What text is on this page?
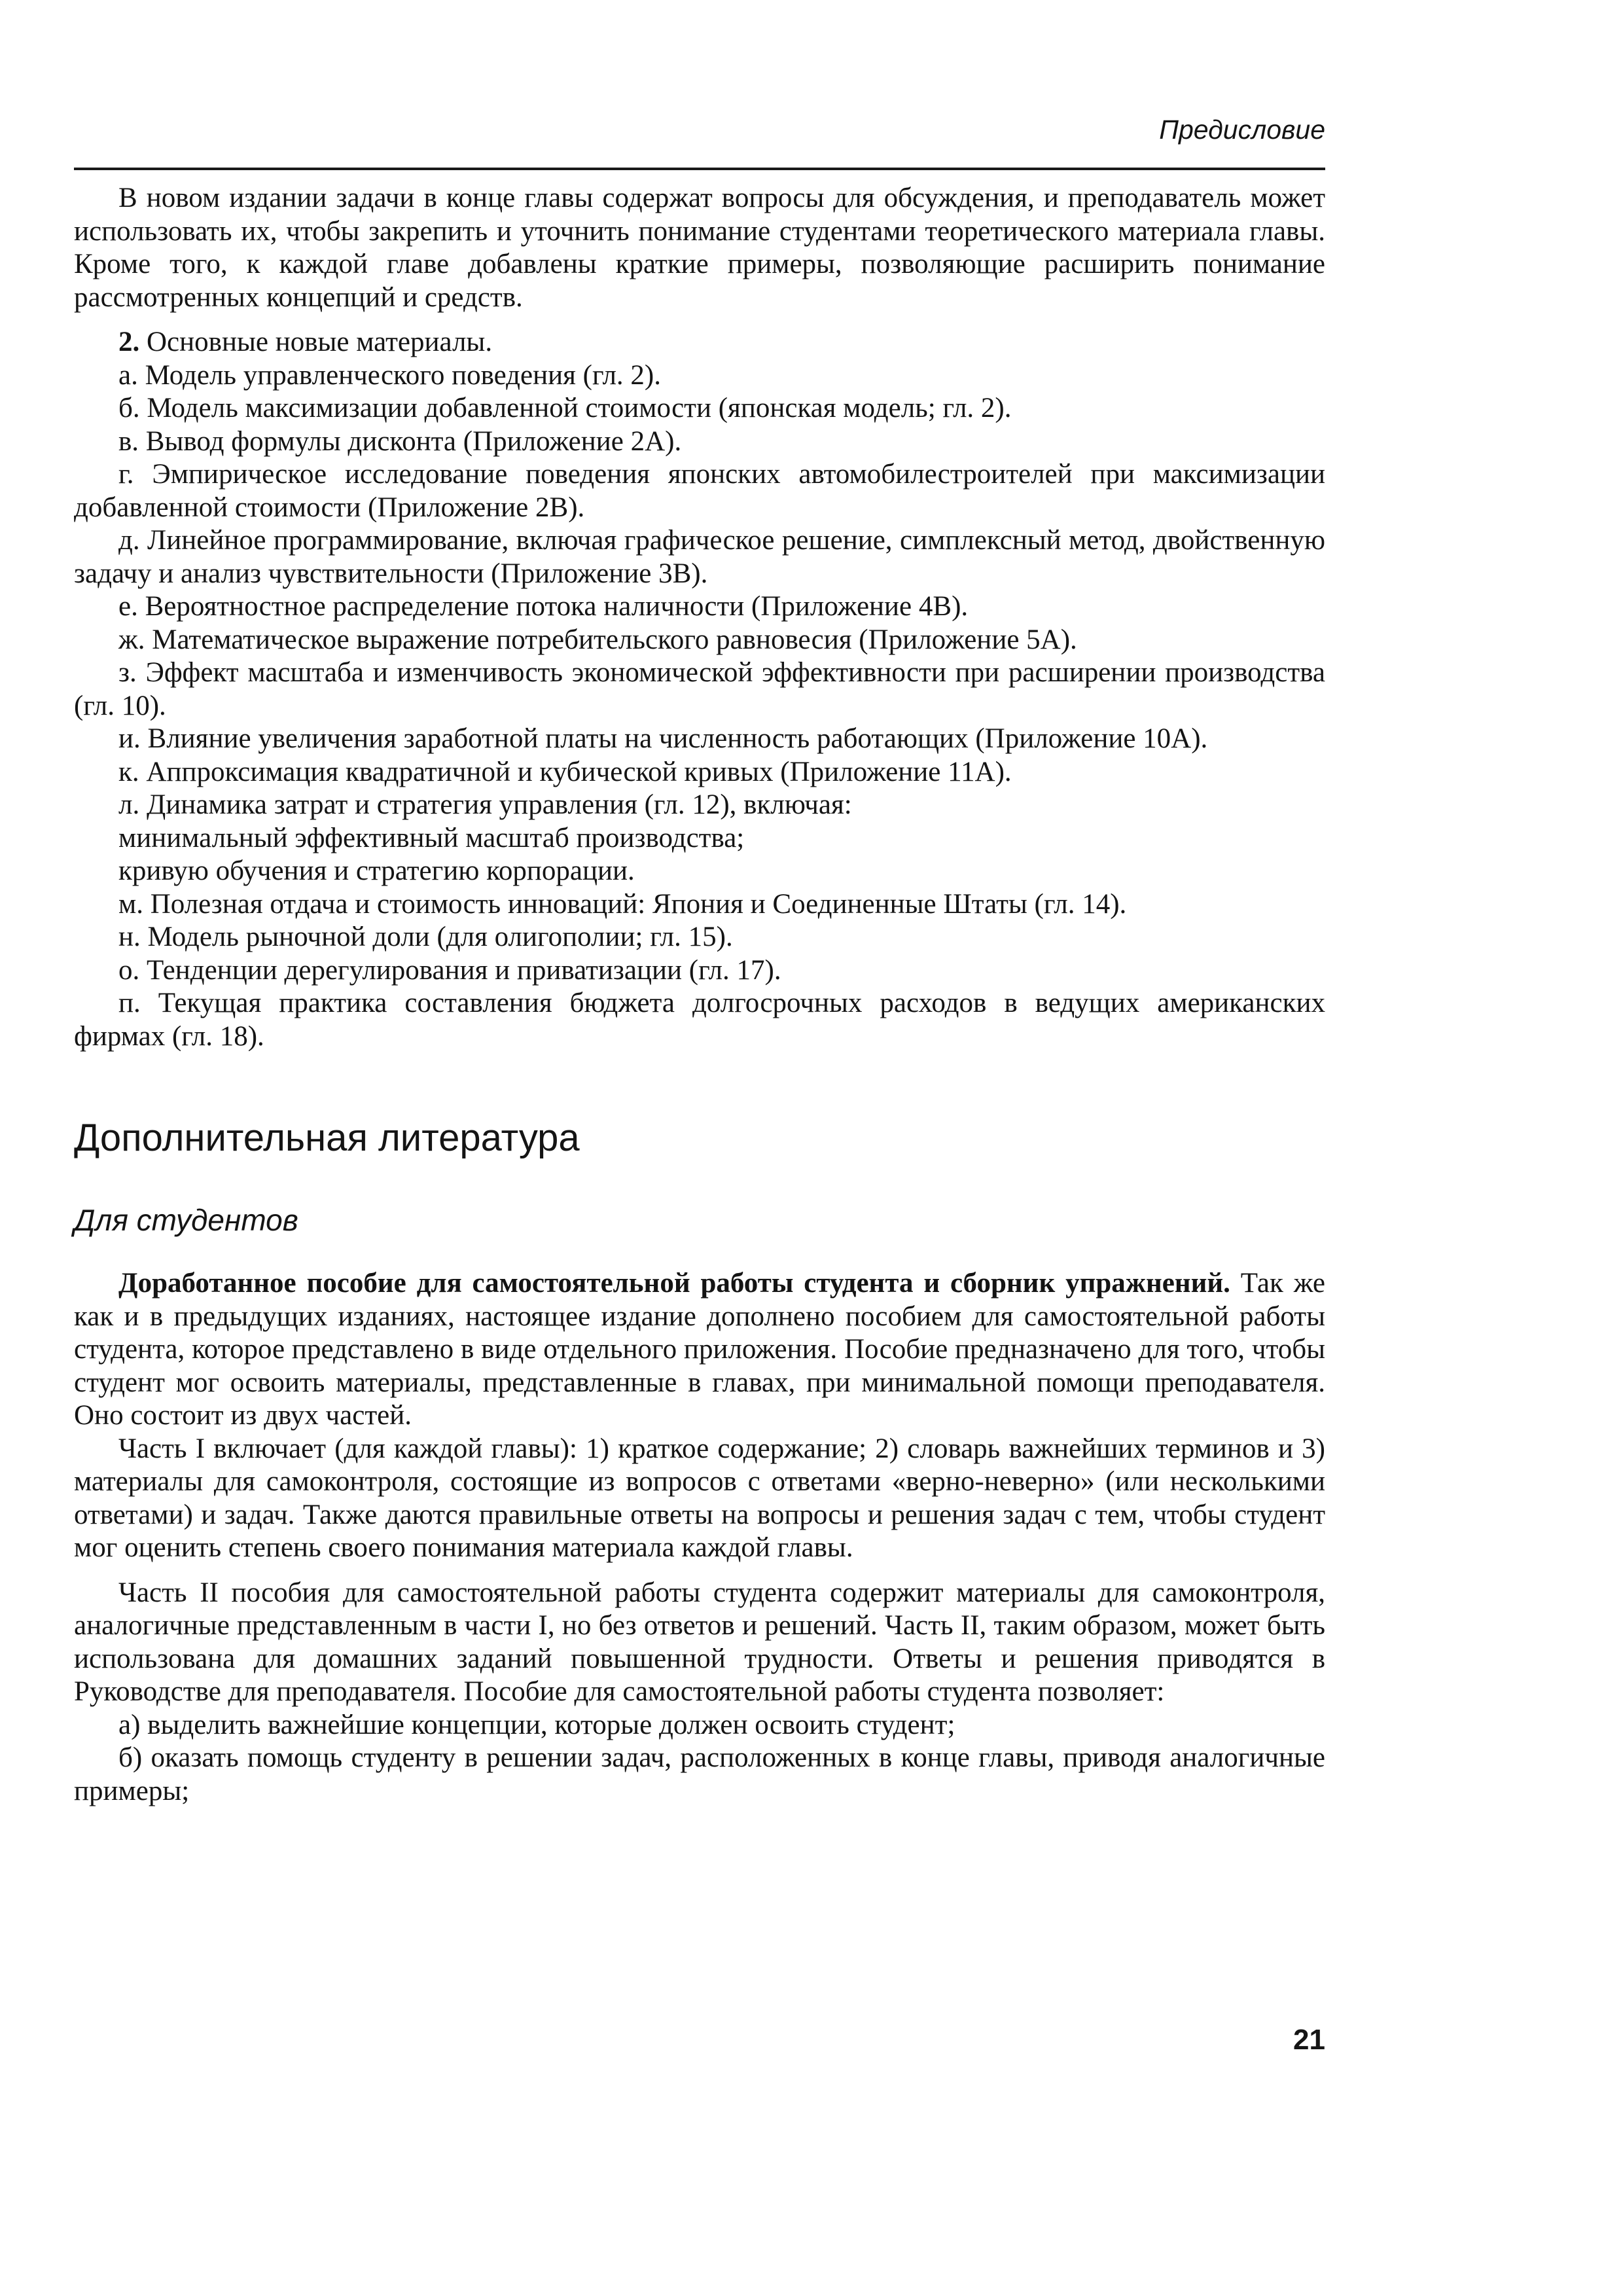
Предисловие

В новом издании задачи в конце главы содержат вопросы для обсуждения, и преподаватель может использовать их, чтобы закрепить и уточнить понимание студентами теоретического материала главы. Кроме того, к каждой главе добавлены краткие примеры, позволяющие расширить понимание рассмотренных концепций и средств.

2. Основные новые материалы.

а. Модель управленческого поведения (гл. 2).

б. Модель максимизации добавленной стоимости (японская модель; гл. 2).

в. Вывод формулы дисконта (Приложение 2А).

г. Эмпирическое исследование поведения японских автомобилестроителей при максимизации добавленной стоимости (Приложение 2В).

д. Линейное программирование, включая графическое решение, симплексный метод, двойственную задачу и анализ чувствительности (Приложение 3В).

е. Вероятностное распределение потока наличности (Приложение 4В).

ж. Математическое выражение потребительского равновесия (Приложение 5А).

з. Эффект масштаба и изменчивость экономической эффективности при расширении производства (гл. 10).

и. Влияние увеличения заработной платы на численность работающих (Приложение 10А).

к. Аппроксимация квадратичной и кубической кривых (Приложение 11А).

л. Динамика затрат и стратегия управления (гл. 12), включая:

минимальный эффективный масштаб производства;

кривую обучения и стратегию корпорации.

м. Полезная отдача и стоимость инноваций: Япония и Соединенные Штаты (гл. 14).

н. Модель рыночной доли (для олигополии; гл. 15).

о. Тенденции дерегулирования и приватизации (гл. 17).

п. Текущая практика составления бюджета долгосрочных расходов в ведущих американских фирмах (гл. 18).

Дополнительная литература
Для студентов

Доработанное пособие для самостоятельной работы студента и сборник упражнений. Так же как и в предыдущих изданиях, настоящее издание дополнено пособием для самостоятельной работы студента, которое представлено в виде отдельного приложения. Пособие предназначено для того, чтобы студент мог освоить материалы, представленные в главах, при минимальной помощи преподавателя. Оно состоит из двух частей.

Часть I включает (для каждой главы): 1) краткое содержание; 2) словарь важнейших терминов и 3) материалы для самоконтроля, состоящие из вопросов с ответами «верно-неверно» (или несколькими ответами) и задач. Также даются правильные ответы на вопросы и решения задач с тем, чтобы студент мог оценить степень своего понимания материала каждой главы.

Часть II пособия для самостоятельной работы студента содержит материалы для самоконтроля, аналогичные представленным в части I, но без ответов и решений. Часть II, таким образом, может быть использована для домашних заданий повышенной трудности. Ответы и решения приводятся в Руководстве для преподавателя. Пособие для самостоятельной работы студента позволяет:

а) выделить важнейшие концепции, которые должен освоить студент;

б) оказать помощь студенту в решении задач, расположенных в конце главы, приводя аналогичные примеры;

21
